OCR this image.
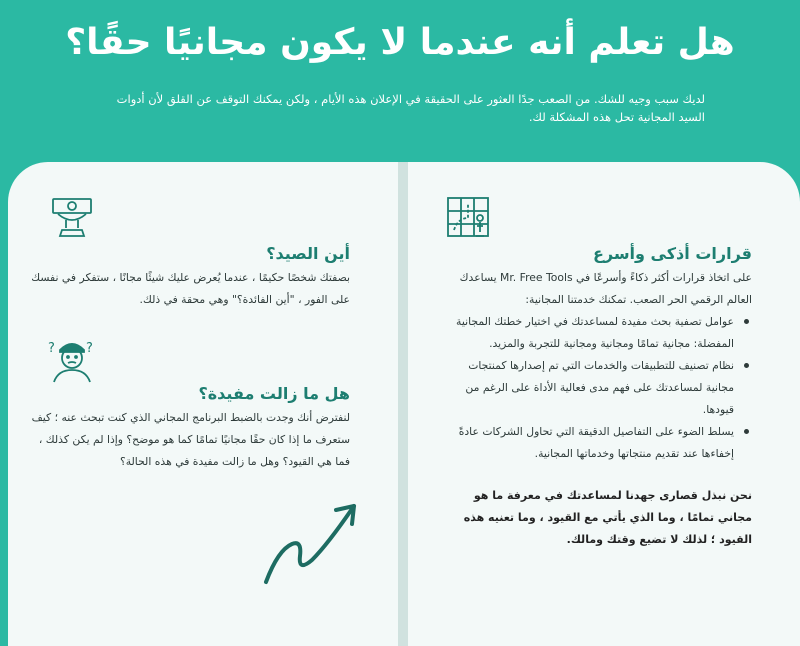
هل تعلم أنه عندما لا يكون مجانيًا حقًا؟
لديك سبب وجيه للشك. من الصعب جدًا العثور على الحقيقة في الإعلان هذه الأيام ، ولكن يمكنك التوقف عن القلق لأن أدوات السيد المجانية تحل هذه المشكلة لك.
أين الصيد؟
بصفتك شخصًا حكيمًا ، عندما يُعرض عليك شيئًا مجانًا ، ستفكر في نفسك على الفور ، "أين الفائدة؟" وهي محقة في ذلك.
? ?
هل ما زالت مفيدة؟
لنفترض أنك وجدت بالضبط البرنامج المجاني الذي كنت تبحث عنه ؛ كيف ستعرف ما إذا كان حقًا مجانيًا تمامًا كما هو موضح؟ وإذا لم يكن كذلك ، فما هي القيود؟ وهل ما زالت مفيدة في هذه الحالة؟
قرارات أذكى وأسرع
على اتخاذ قرارات أكثر ذكاءً وأسرعًا في Mr. Free Tools يساعدك العالم الرقمي الحر الصعب. تمكنك خدمتنا المجانية:
عوامل تصفية بحث مفيدة لمساعدتك في اختيار خطتك المجانية المفضلة: مجانية تمامًا ومجانية ومجانية للتجربة والمزيد.
نظام تصنيف للتطبيقات والخدمات التي تم إصدارها كمنتجات مجانية لمساعدتك على فهم مدى فعالية الأداة على الرغم من قيودها.
يسلط الضوء على التفاصيل الدقيقة التي تحاول الشركات عادةً إخفاءها عند تقديم منتجاتها وخدماتها المجانية.
نحن نبذل قصارى جهدنا لمساعدتك في معرفة ما هو مجاني تمامًا ، وما الذي يأتي مع القيود ، وما تعنيه هذه القيود ؛ لذلك لا تضيع وقتك ومالك.
